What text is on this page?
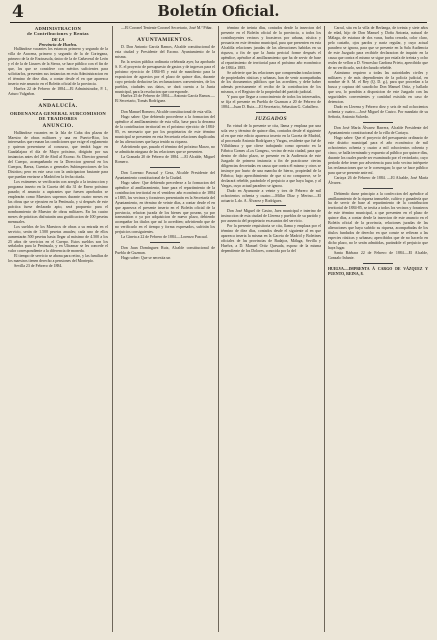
4	Boletín Oficial.
ADMINISTRACION
de Contribuciones y Rentas
DE LA
Provincia de Huelva.

Hallándose vacantes los estancos primero y segundo de la villa de Aracena, primero y segundo de la de Cortegana, primero de la de Encinasola, único de la de Cañaveral de León y el de la de Linares de la Sierra, se hace público con el fin de que, los que se considere con méritos suficientes para solicitarlos, presenten sus instancias en esta Administracion en el término de diez días, a contar desde el en que aparezca inserto este anuncio en el Boletín oficial de la provincia.

Huelva 22 de Febrero de 1884.—El Administrador, P. I., Arturo Valgañon.

ANDALUCÍA.
ORDENANZA GENERAL SUBCOMISION DE TRAIDORES
ANUNCIO.

Hallándose vacantes en la Isla de Cuba dos plazas de Maestro de obras militares y una en Puerto-Rico, los interesados que reunan las condiciones que exige el reglamento y quieran presentarse al concurso, que tendrá lugar en Guadalajara el día de Mayo próximo, dirigirán por sus instancias antes del 20 de Abril al Excmo. Sr. Director general del Cuerpo, acompañando en la Direccion general en los Cuerpos, Baeza, Cuentas o generales Subinspecciones de los Distritos; pero en este caso con la anticipacion bastante para que puedan enviarse a Madrid en la fecha citada.

Los exámenes se verificarán con arreglo a la instruccion y programa inserto en la Gaceta del día 31 de Enero próximo pasado; el anuncio a aspirantes que fuesen aprobados se emplearán como Maestros supernos durante cuatro meses en las obras que se ejecuten en la Península, y si después de este práctica fuese declarado apto, será propuesto para el nombramiento de Maestro de obras militares. En los cuatro meses de prácticas disfrutarán una gratificacion de 100 pesetas mensuales.

Los sueldos de los Maestros de obras a su entrada en el servicio, serán de 1.500 pesetas anuales; cada uno de ellos aumentarán 500 pesetas hasta llegar al máximo de 4.500 a los 25 años de servicios en el Cuerpo. Estos sueldos son los señalados para la Península, y en Ultramar se les concede el valor correspondiente a la diferencia de moneda.

El tiempo de servicio se abona para retiro, y las familias de los maestros tienen derecho a pensiones del Montepío.

Sevilla 23 de Febrero de 1884.

—El Coronel Teniente Coronel Secretario, José M.ª Piñar.

AYUNTAMIENTOS.

D. Don Antonio García Ramos, Alcalde constitucional de esta ciudad y Presidente del Excmo. Ayuntamiento de la misma.

En la sesion pública ordinaria celebrada ayer, ha aprobado S. E. el proyecto de presupuesto de gastos y de ingresos para el próximo ejercicio de 1884-85 y está de manifiesto para la exposicion de agravios por el plazo de quince días, durante cuyo periodo deducirse las reclamaciones convenientes, de los pueblos, ciudades sus datos, se dará cuenta a la Junta municipal, para la resolucion que corresponde.

Huelva 25 de Febrero de 1884.—Antonio García Ramos.—El Secretario, Tomás Rodríguez.

Don Manuel Romero, Alcalde constitucional de esta villa.

Hago saber: Que debiendo procederse a la formacion del apéndice al amillaramiento de esta villa, base para la derrama de la contribucion territorial en el próximo ejercicio de 1884-85, es necesario que por los propietarios de este término municipal se presenten en esta Secretaría relaciones duplicadas de las alteraciones que haya tenido su riqueza.

Advirtiendo que, pasado el término del próximo Marzo, no se admitirán ninguna de las relaciones que se presenten.

La Granada 20 de Febrero de 1884. —El Alcalde, Miguel Romero.

Don Lorenzo Pascual y Gesa, Alcalde Presidente del Ayuntamiento constitucional de la Ciudad.

Hago saber: Que debiendo precederse a la formacion del apéndice al amillaramiento, base para el repartimiento de la contribucion territorial en el venidero año económico de 1884 a 1885, los vecinos y forasteros presentarán en la Secretaría del Ayuntamiento, en término de veinte días, a contar desde el en que aparezca el presente inserto en el Boletín oficial de la provincia, relacion jurada de los bienes que posean, ya por transmision o ya por adquisicion de nuevo plazo, debiendo acompañar los títulos que así lo acrediten; advirtiendo que de no verificarlo en el tiempo y forma expresados, sufrirán los perjuicios consiguientes.

La Gineta a 22 de Febrero de 1884.—Lorenzo Pascual.

Don Juan Domínguez Ruiz, Alcalde constitucional de Puebla de Guzman.

Hago saber: Que se necesita un

término de treinta días, contados desde la insercion del presente en el Boletín oficial de la provincia, a todos los contribuyentes vecinos y forasteros por urbana, rústica y pecuaria en este término municipal, para que presenten en esta Alcaldía relaciones juradas de las alteraciones habidas en su riqueza, a fin de que la Junta pericial forme después el apéndice, apéndice al amillaramiento que ha de servir de base al repartimiento de territorial para el próximo año económico de 1884 a 1885.

Se advierte que las relaciones que comprendan traslaciones de propiedades rústicas y urbanas, han de venir acompañadas de los documentos públicos que las acrediten, y debe haber además precisamente el recibo de la contribucion de los mismos, o el Registro de la propiedad del partido judicial.

Y para que llegue a conocimiento de todos los interesados, se fija el presente en Puebla de Guzman a 20 de Febrero de 1884.—Juan D. Ruiz.—El Secretario, Sebastian G. Caballero.

JUZGADOS

En virtud de la presente se cita, llama y emplaza por una sola vez y término de quince días, contados desde el siguiente al en que este edicto aparezca inserto en la Gaceta de Madrid, al procesado Antonio Rodríguez y Vargas, residente que fué de Villablanca y que cítese trabajando como operario en la Fábrica Gomes «Los Gonges», vecino de esta ciudad, para que dentro de dicho plazo, se presente en la Audiencia de este Juzgado de primera instancia a fin de practicarse ciertas diligencias decretadas en causa que contra él mismo y otros se instruye por hurto de una mancha de hierro, propiedad de la Fábrica; bajo apercibimiento de que si no comparece, se le declarará rebelde, parándole el perjuicio a que haya lugar, y al Vargas, cuyo actual paradero se ignora.

Dado en Ayamonte a veinte y tres de Febrero de mil ochocientos ochenta y cuatro.—Millar Díaz y Merino.—El actuario L.do. A. Álvarez y Rodríguez.

Don José Miguel de Castro, Juez municipal e interino de instruccion de esta ciudad de Llerena y pueblos de su partido y por ausencia del propietario en asuntos del servicio.

Por la presente requisitoria se cita, llama y emplaza por el término de diez días, contados desde el siguiente al en que aparezca inserta la misma en la Gaceta de Madrid y Boletines oficiales de las provincias de Badajoz, Málaga, Sevilla y Huelva, a D. Manuel Ortiz Quesada, esposo de la misma dependiente de los Dolores, conocida por la del

Carral, sita en la villa de Berlanga, de treinta y siete años de edad, hijo de Don Manuel y Doña Antonia, natural de Málaga, de estatura de dos varas, barba cerrada, color claro, pelo castaño, ojos pardos y nariz regular, y cuyo actual paradero se ignora, para que se presente en la Sala Audiencia de este Juzgado para recibirle declaracion de inquirir en la causa que contra el mismo se sigue por estafa de treinta y ocho reales de vellon a D. Venceslao Cardona Prieto, apercibido que de no verificarlo, será declarado rebelde.

Asimismo requiero a todas las autoridades civiles y militares y de más dependientes de la policía judicial, en nombre de S. M. el Rey (Q. D. g.), para que procedan a la busca y captura del susodicho Don Manuel Ortiz, y hallado que sea, lo pondrán a disposicion de este Juzgado con las seguridades convenientes y cantidad existida en caso de detencion.

Dado en Llerena y Febrero diez y seis de mil ochocientos ochenta y cuatro.—José Miguel de Castro. Por mandato de su Señoría, Antonio Salcedo.

Don José María Álvarez Barrera, Alcalde Presidente del Ayuntamiento constitucional de la villa de Cartaya.

Hago saber: Que el proyecto del presupuesto ordinario de este distrito municipal para el año económico de mil ochocientos ochenta y cuatro a mil ochocientos ochenta y cinco, se halla terminado y expuesto al público por quince días, durante los cuales puede ser examinado por el vecindario, cuyo período debe tener por advertencia para todo vecino intérprete las reclamaciones que se le convengan; lo que se hace público para que se presente ante mí.

Cartaya 26 de Febrero de 1884. —El Alcalde, José María Álvarez.

Debiendo darse principio a la confeccion del apéndice al amillaramiento de la riqueza inmueble, cultivo y ganadería que ha de servir de base al repartimiento de la contribucion territorial de 1884-85, se invita a todos los vecinos y forasteros de este término municipal, a que presenten en el plazo de quince días, a contar desde la insercion de este anuncio en el Boletín oficial de la provincia, relaciones juradas de las alteraciones que haya sufrido su riqueza, acompañadas de los títulos fundados de derecho en que conste se refieran a las especies rústicas y urbanas; apercibidos que de no hacerlo en dicho plazo, no le serán admitidas, parándole el perjuicio que haya lugar.

Santa Bárbara 22 de Febrero de 1884.—El Alcalde, Gonzalo Infante.

HUELVA.—IMPRENTA Á CARGO DE VÁZQUEZ Y PUENTO, REINA, 8.
